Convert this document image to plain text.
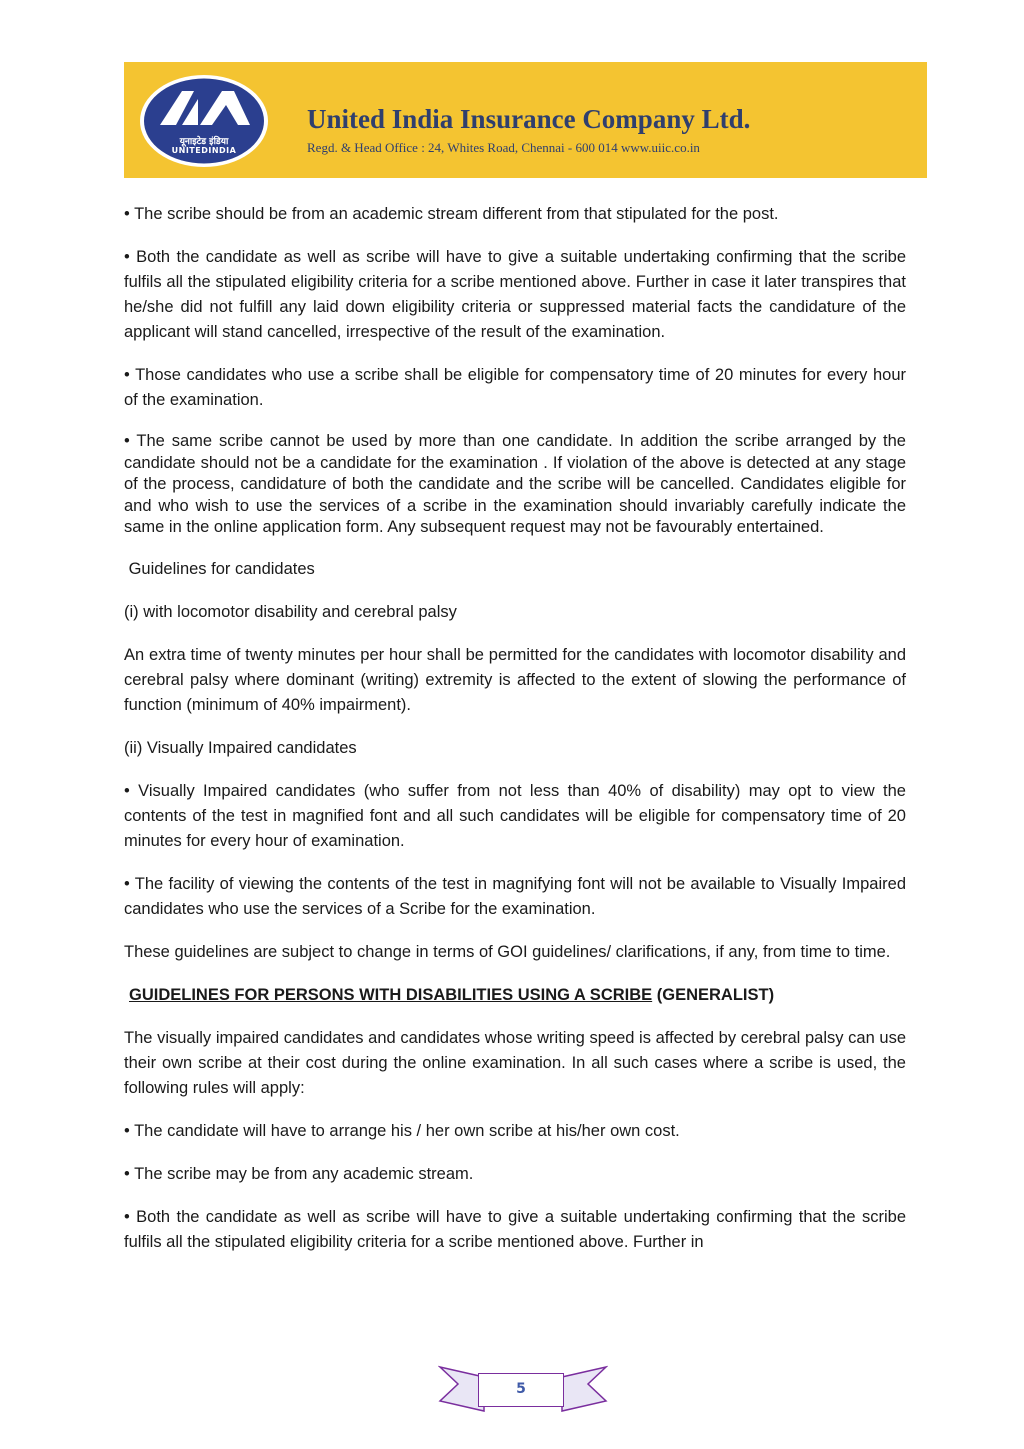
यूनाइटेड इंडिया
UNITEDINDIA
United India Insurance Company Ltd.
Regd. & Head Office : 24, Whites Road, Chennai - 600 014 www.uiic.co.in

• The scribe should be from an academic stream different from that stipulated for the post.

• Both the candidate as well as scribe will have to give a suitable undertaking confirming that the scribe fulfils all the stipulated eligibility criteria for a scribe mentioned above. Further in case it later transpires that he/she did not fulfill any laid down eligibility criteria or suppressed material facts the candidature of the applicant will stand cancelled, irrespective of the result of the examination.

• Those candidates who use a scribe shall be eligible for compensatory time of 20 minutes for every hour of the examination.

• The same scribe cannot be used by more than one candidate. In addition the scribe arranged by the candidate should not be a candidate for the examination . If violation of the above is detected at any stage of the process, candidature of both the candidate and the scribe will be cancelled. Candidates eligible for and who wish to use the services of a scribe in the examination should invariably carefully indicate the same in the online application form. Any subsequent request may not be favourably entertained.

Guidelines for candidates

(i) with locomotor disability and cerebral palsy

An extra time of twenty minutes per hour shall be permitted for the candidates with locomotor disability and cerebral palsy where dominant (writing) extremity is affected to the extent of slowing the performance of function (minimum of 40% impairment).

(ii) Visually Impaired candidates

• Visually Impaired candidates (who suffer from not less than 40% of disability) may opt to view the contents of the test in magnified font and all such candidates will be eligible for compensatory time of 20 minutes for every hour of examination.

• The facility of viewing the contents of the test in magnifying font will not be available to Visually Impaired candidates who use the services of a Scribe for the examination.

These guidelines are subject to change in terms of GOI guidelines/ clarifications, if any, from time to time.

GUIDELINES FOR PERSONS WITH DISABILITIES USING A SCRIBE (GENERALIST)

The visually impaired candidates and candidates whose writing speed is affected by cerebral palsy can use their own scribe at their cost during the online examination. In all such cases where a scribe is used, the following rules will apply:

• The candidate will have to arrange his / her own scribe at his/her own cost.

• The scribe may be from any academic stream.

• Both the candidate as well as scribe will have to give a suitable undertaking confirming that the scribe fulfils all the stipulated eligibility criteria for a scribe mentioned above. Further in

5
